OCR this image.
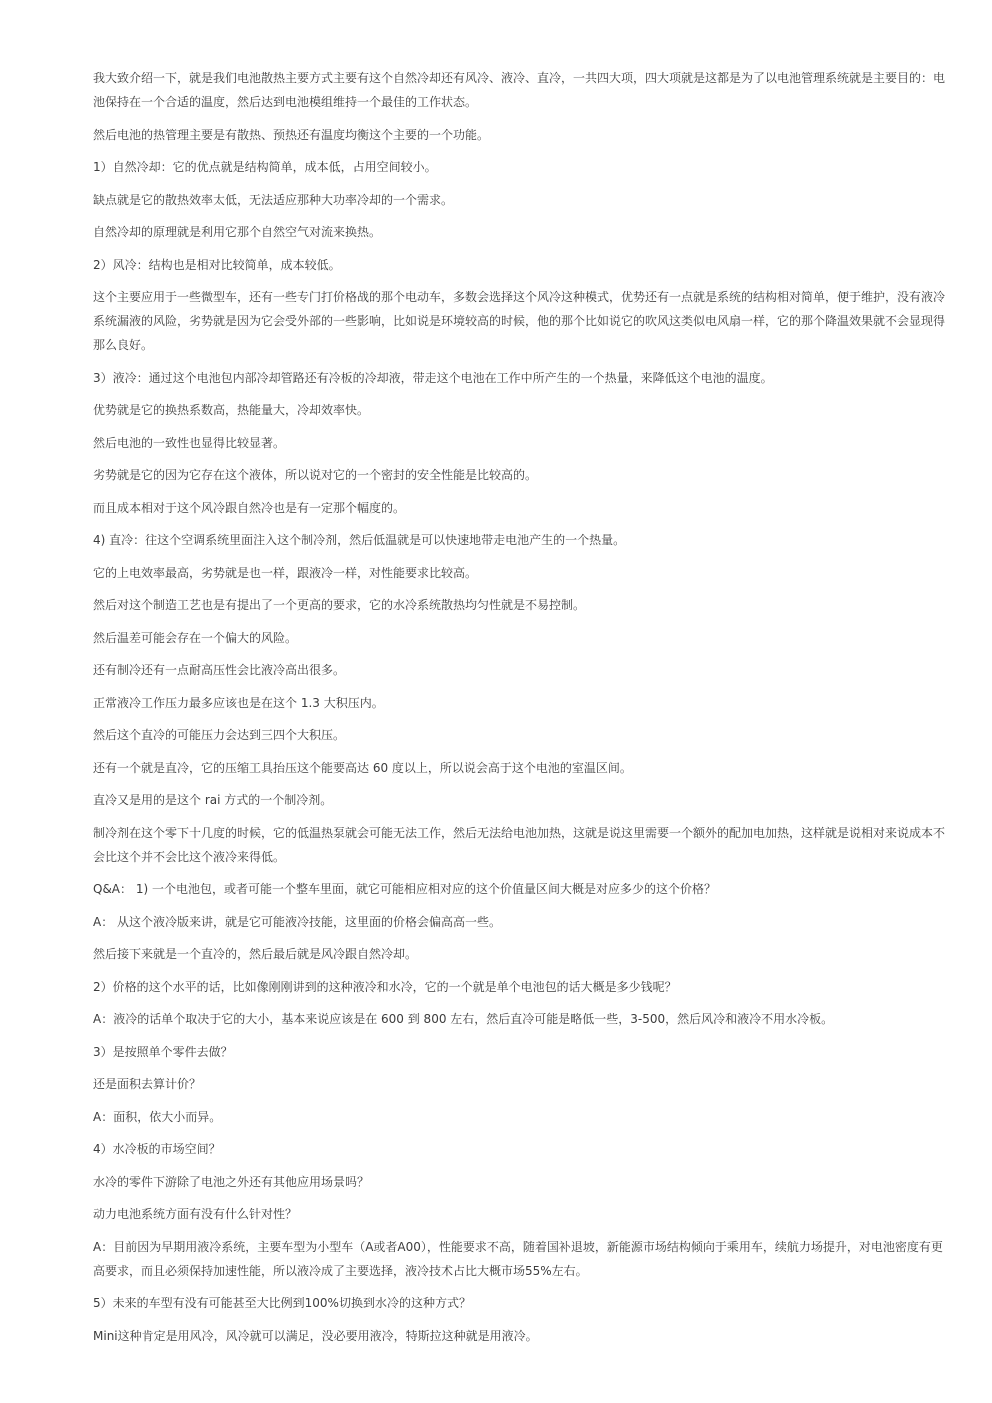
我大致介绍一下，就是我们电池散热主要方式主要有这个自然冷却还有风冷、液冷、直冷，一共四大项，四大项就是这都是为了以电池管理系统就是主要目的：电池保持在一个合适的温度，然后达到电池模组维持一个最佳的工作状态。

然后电池的热管理主要是有散热、预热还有温度均衡这个主要的一个功能。

1）自然冷却：它的优点就是结构简单，成本低，占用空间较小。

缺点就是它的散热效率太低，无法适应那种大功率冷却的一个需求。

自然冷却的原理就是利用它那个自然空气对流来换热。

2）风冷：结构也是相对比较简单，成本较低。

这个主要应用于一些微型车，还有一些专门打价格战的那个电动车，多数会选择这个风冷这种模式，优势还有一点就是系统的结构相对简单，便于维护，没有液冷系统漏液的风险，劣势就是因为它会受外部的一些影响，比如说是环境较高的时候，他的那个比如说它的吹风这类似电风扇一样，它的那个降温效果就不会显现得那么良好。

3）液冷：通过这个电池包内部冷却管路还有冷板的冷却液，带走这个电池在工作中所产生的一个热量，来降低这个电池的温度。

优势就是它的换热系数高，热能量大，冷却效率快。

然后电池的一致性也显得比较显著。

劣势就是它的因为它存在这个液体，所以说对它的一个密封的安全性能是比较高的。

而且成本相对于这个风冷跟自然冷也是有一定那个幅度的。

4) 直冷：往这个空调系统里面注入这个制冷剂，然后低温就是可以快速地带走电池产生的一个热量。

它的上电效率最高，劣势就是也一样，跟液冷一样，对性能要求比较高。

然后对这个制造工艺也是有提出了一个更高的要求，它的水冷系统散热均匀性就是不易控制。

然后温差可能会存在一个偏大的风险。

还有制冷还有一点耐高压性会比液冷高出很多。

正常液冷工作压力最多应该也是在这个 1.3 大积压内。

然后这个直冷的可能压力会达到三四个大积压。

还有一个就是直冷，它的压缩工具抬压这个能要高达 60 度以上，所以说会高于这个电池的室温区间。

直冷又是用的是这个 rai 方式的一个制冷剂。

制冷剂在这个零下十几度的时候，它的低温热泵就会可能无法工作，然后无法给电池加热，这就是说这里需要一个额外的配加电加热，这样就是说相对来说成本不会比这个并不会比这个液冷来得低。

Q&A： 1) 一个电池包，或者可能一个整车里面，就它可能相应相对应的这个价值量区间大概是对应多少的这个价格？

A： 从这个液冷版来讲，就是它可能液冷技能，这里面的价格会偏高高一些。

然后接下来就是一个直冷的，然后最后就是风冷跟自然冷却。

2）价格的这个水平的话，比如像刚刚讲到的这种液冷和水冷，它的一个就是单个电池包的话大概是多少钱呢？

A：液冷的话单个取决于它的大小，基本来说应该是在 600 到 800 左右，然后直冷可能是略低一些，3-500，然后风冷和液冷不用水冷板。

3）是按照单个零件去做？

还是面积去算计价？

A：面积，依大小而异。

4）水冷板的市场空间？

水冷的零件下游除了电池之外还有其他应用场景吗？

动力电池系统方面有没有什么针对性？

A：目前因为早期用液冷系统，主要车型为小型车（A或者A00），性能要求不高，随着国补退坡，新能源市场结构倾向于乘用车，续航力场提升，对电池密度有更高要求，而且必须保持加速性能，所以液冷成了主要选择，液冷技术占比大概市场55%左右。

5）未来的车型有没有可能甚至大比例到100%切换到水冷的这种方式？

Mini这种肯定是用风冷，风冷就可以满足，没必要用液冷，特斯拉这种就是用液冷。
